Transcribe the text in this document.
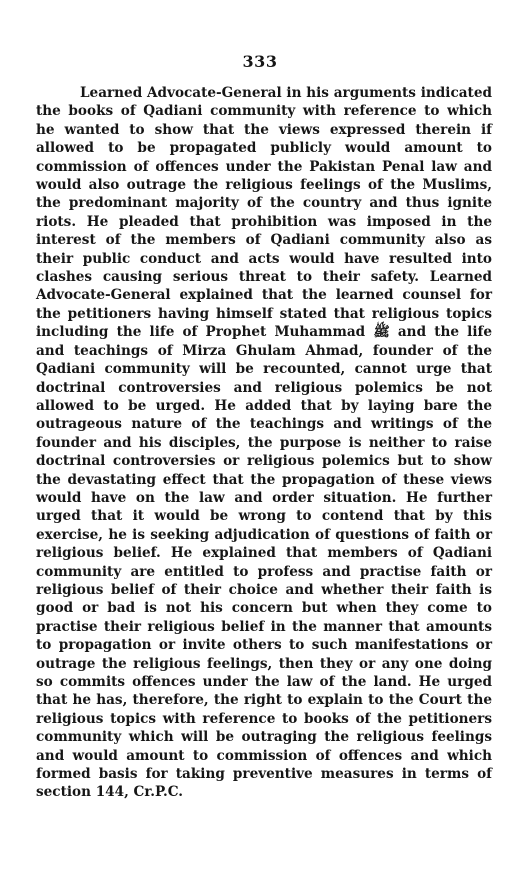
333

Learned Advocate-General in his arguments indicated the books of Qadiani community with reference to which he wanted to show that the views expressed therein if allowed to be propagated publicly would amount to commission of offences under the Pakistan Penal law and would also outrage the religious feelings of the Muslims, the predominant majority of the country and thus ignite riots. He pleaded that prohibition was imposed in the interest of the members of Qadiani community also as their public conduct and acts would have resulted into clashes causing serious threat to their safety. Learned Advocate-General explained that the learned counsel for the petitioners having himself stated that religious topics including the life of Prophet Muhammad ﷺ and the life and teachings of Mirza Ghulam Ahmad, founder of the Qadiani community will be recounted, cannot urge that doctrinal controversies and religious polemics be not allowed to be urged. He added that by laying bare the outrageous nature of the teachings and writings of the founder and his disciples, the purpose is neither to raise doctrinal controversies or religious polemics but to show the devastating effect that the propagation of these views would have on the law and order situation. He further urged that it would be wrong to contend that by this exercise, he is seeking adjudication of questions of faith or religious belief. He explained that members of Qadiani community are entitled to profess and practise faith or religious belief of their choice and whether their faith is good or bad is not his concern but when they come to practise their religious belief in the manner that amounts to propagation or invite others to such manifestations or outrage the religious feelings, then they or any one doing so commits offences under the law of the land. He urged that he has, therefore, the right to explain to the Court the religious topics with reference to books of the petitioners community which will be outraging the religious feelings and would amount to commission of offences and which formed basis for taking preventive measures in terms of section 144, Cr.P.C.
